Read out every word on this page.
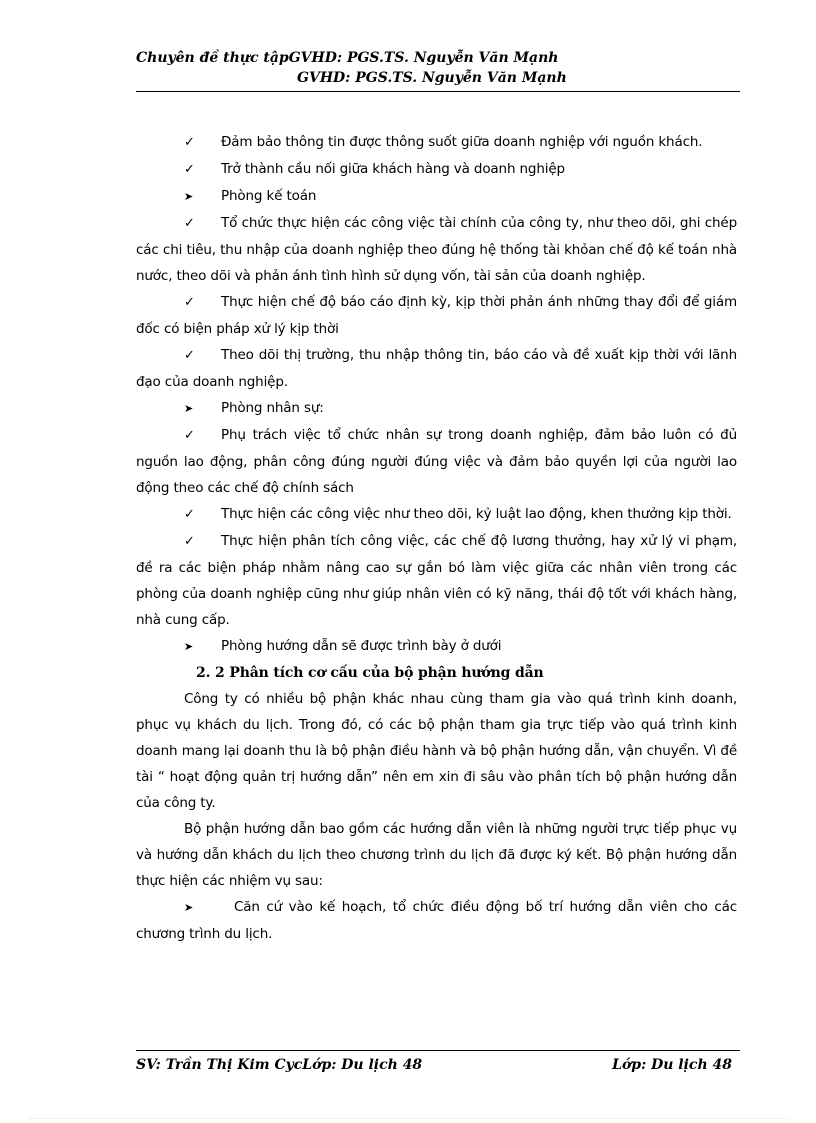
Chuyên đề thực tậpGVHD: PGS.TS. Nguyễn Văn Mạnh
GVHD: PGS.TS. Nguyễn Văn Mạnh

✓ Đảm bảo thông tin được thông suốt giữa doanh nghiệp với nguồn khách.

✓ Trở thành cầu nối giữa khách hàng và doanh nghiệp

➤ Phòng kế toán

✓ Tổ chức thực hiện các công việc tài chính của công ty, như theo dõi, ghi chép các chi tiêu, thu nhập của doanh nghiệp theo đúng hệ thống tài khỏan chế độ kế toán nhà nước, theo dõi và phản ánh tình hình sử dụng vốn, tài sản của doanh nghiệp.

✓ Thực hiện chế độ báo cáo định kỳ, kịp thời phản ánh những thay đổi để giám đốc có biện pháp xử lý kịp thời

✓ Theo dõi thị trường, thu nhập thông tin, báo cáo và đề xuất kịp thời với lãnh đạo của doanh nghiệp.

➤ Phòng nhân sự:

✓ Phụ trách việc tổ chức nhân sự trong doanh nghiệp, đảm bảo luôn có đủ nguồn lao động, phân công đúng người đúng việc và đảm bảo quyền lợi của người lao động theo các chế độ chính sách

✓ Thực hiện các công việc như theo dõi, kỷ luật lao động, khen thưởng kịp thời.

✓ Thực hiện phân tích công việc, các chế độ lương thưởng, hay xử lý vi phạm, đề ra các biện pháp nhằm nâng cao sự gắn bó làm việc giữa các nhân viên trong các phòng của doanh nghiệp cũng như giúp nhân viên có kỹ năng, thái độ tốt với khách hàng, nhà cung cấp.

➤ Phòng hướng dẫn sẽ được trình bày ở dưới

2. 2 Phân tích cơ cấu của bộ phận hướng dẫn

Công ty có nhiều bộ phận khác nhau cùng tham gia vào quá trình kinh doanh, phục vụ khách du lịch. Trong đó, có các bộ phận tham gia trực tiếp vào quá trình kinh doanh mang lại doanh thu là bộ phận điều hành và bộ phận hướng dẫn, vận chuyển. Vì đề tài “ hoạt động quản trị hướng dẫn” nên em xin đi sâu vào phân tích bộ phận hướng dẫn của công ty.

Bộ phận hướng dẫn bao gồm các hướng dẫn viên là những người trực tiếp phục vụ và hướng dẫn khách du lịch theo chương trình du lịch đã được ký kết. Bộ phận hướng dẫn thực hiện các nhiệm vụ sau:

➤	Căn cứ vào kế hoạch, tổ chức điều động bố trí hướng dẫn viên cho các chương trình du lịch.

SV: Trần Thị Kim CycLớp: Du lịch 48	Lớp: Du lịch 48
